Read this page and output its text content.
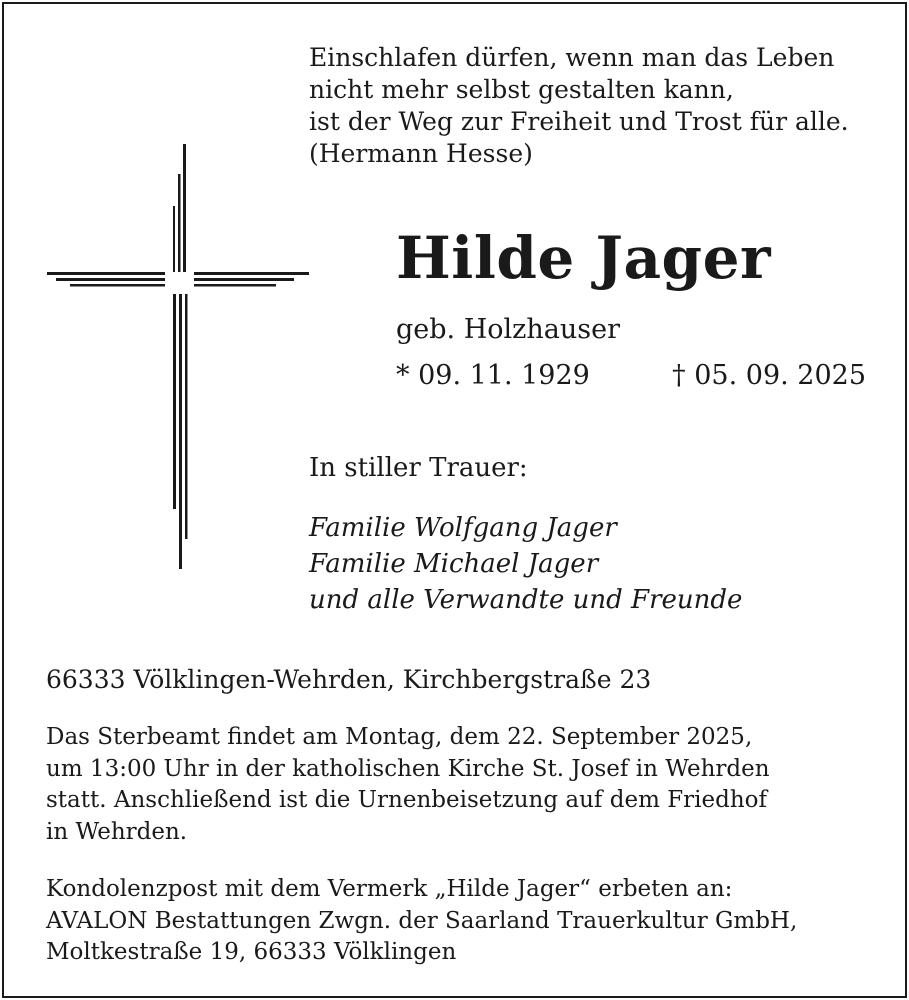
Einschlafen dürfen, wenn man das Leben
nicht mehr selbst gestalten kann,
ist der Weg zur Freiheit und Trost für alle.
(Hermann Hesse)
Hilde Jager
geb. Holzhauser
* 09. 11. 1929	† 05. 09. 2025
In stiller Trauer:
Familie Wolfgang Jager
Familie Michael Jager
und alle Verwandte und Freunde
66333 Völklingen-Wehrden, Kirchbergstraße 23
Das Sterbeamt findet am Montag, dem 22. September 2025,
um 13:00 Uhr in der katholischen Kirche St. Josef in Wehrden
statt. Anschließend ist die Urnenbeisetzung auf dem Friedhof
in Wehrden.
Kondolenzpost mit dem Vermerk „Hilde Jager“ erbeten an:
AVALON Bestattungen Zwgn. der Saarland Trauerkultur GmbH,
Moltkestraße 19, 66333 Völklingen
